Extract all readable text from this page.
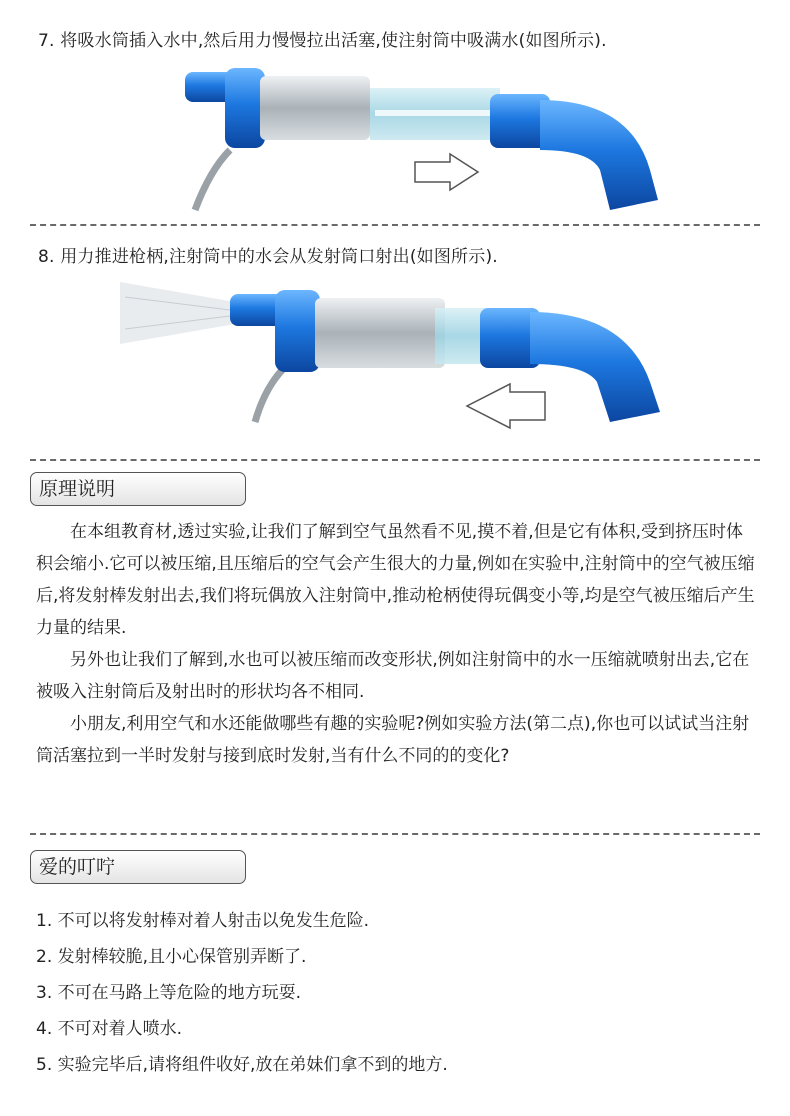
7. 将吸水筒插入水中,然后用力慢慢拉出活塞,使注射筒中吸满水(如图所示).
8. 用力推进枪柄,注射筒中的水会从发射筒口射出(如图所示).
原理说明

在本组教育材,透过实验,让我们了解到空气虽然看不见,摸不着,但是它有体积,受到挤压时体积会缩小.它可以被压缩,且压缩后的空气会产生很大的力量,例如在实验中,注射筒中的空气被压缩后,将发射棒发射出去,我们将玩偶放入注射筒中,推动枪柄使得玩偶变小等,均是空气被压缩后产生力量的结果.

另外也让我们了解到,水也可以被压缩而改变形状,例如注射筒中的水一压缩就喷射出去,它在被吸入注射筒后及射出时的形状均各不相同.

小朋友,利用空气和水还能做哪些有趣的实验呢?例如实验方法(第二点),你也可以试试当注射筒活塞拉到一半时发射与接到底时发射,当有什么不同的的变化?

爱的叮咛
1. 不可以将发射棒对着人射击以免发生危险.
2. 发射棒较脆,且小心保管别弄断了.
3. 不可在马路上等危险的地方玩耍.
4. 不可对着人喷水.
5. 实验完毕后,请将组件收好,放在弟妹们拿不到的地方.
